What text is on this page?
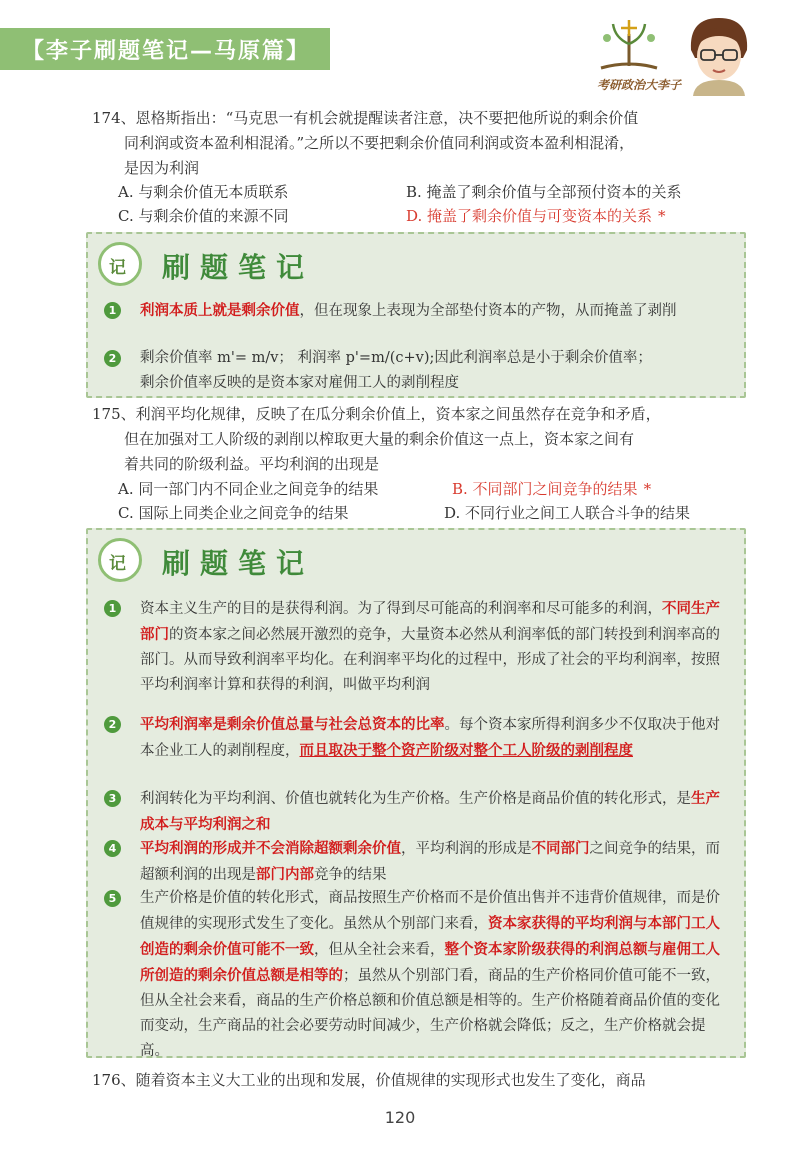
【李子刷题笔记—马原篇】
考研政治大李子

174、恩格斯指出：“马克思一有机会就提醒读者注意，决不要把他所说的剩余价值

同利润或资本盈利相混淆。”之所以不要把剩余价值同利润或资本盈利相混淆，

是因为利润

A. 与剩余价值无本质联系	B. 掩盖了剩余价值与全部预付资本的关系
C. 与剩余价值的来源不同	D. 掩盖了剩余价值与可变资本的关系 *
记 刷题笔记
1	利润本质上就是剩余价值，但在现象上表现为全部垫付资本的产物，从而掩盖了剥削
2	剩余价值率 m'= m/v； 利润率 p'=m/(c+v);因此利润率总是小于剩余价值率；
剩余价值率反映的是资本家对雇佣工人的剥削程度

175、利润平均化规律，反映了在瓜分剩余价值上，资本家之间虽然存在竞争和矛盾，

但在加强对工人阶级的剥削以榨取更大量的剩余价值这一点上，资本家之间有

着共同的阶级利益。平均利润的出现是

A. 同一部门内不同企业之间竞争的结果	B. 不同部门之间竞争的结果 *
C. 国际上同类企业之间竞争的结果	D. 不同行业之间工人联合斗争的结果
记 刷题笔记
1	资本主义生产的目的是获得利润。为了得到尽可能高的利润率和尽可能多的利润，不同生产部门的资本家之间必然展开激烈的竞争，大量资本必然从利润率低的部门转投到利润率高的部门。从而导致利润率平均化。在利润率平均化的过程中，形成了社会的平均利润率，按照平均利润率计算和获得的利润，叫做平均利润
2	平均利润率是剩余价值总量与社会总资本的比率。每个资本家所得利润多少不仅取决于他对本企业工人的剥削程度，而且取决于整个资产阶级对整个工人阶级的剥削程度
3	利润转化为平均利润、价值也就转化为生产价格。生产价格是商品价值的转化形式，是生产成本与平均利润之和
4	平均利润的形成并不会消除超额剩余价值，平均利润的形成是不同部门之间竞争的结果，而超额利润的出现是部门内部竞争的结果
5	生产价格是价值的转化形式，商品按照生产价格而不是价值出售并不违背价值规律，而是价值规律的实现形式发生了变化。虽然从个别部门来看，资本家获得的平均利润与本部门工人创造的剩余价值可能不一致，但从全社会来看，整个资本家阶级获得的利润总额与雇佣工人所创造的剩余价值总额是相等的；虽然从个别部门看，商品的生产价格同价值可能不一致，但从全社会来看，商品的生产价格总额和价值总额是相等的。生产价格随着商品价值的变化而变动，生产商品的社会必要劳动时间减少，生产价格就会降低；反之，生产价格就会提高。

176、随着资本主义大工业的出现和发展，价值规律的实现形式也发生了变化，商品

120
